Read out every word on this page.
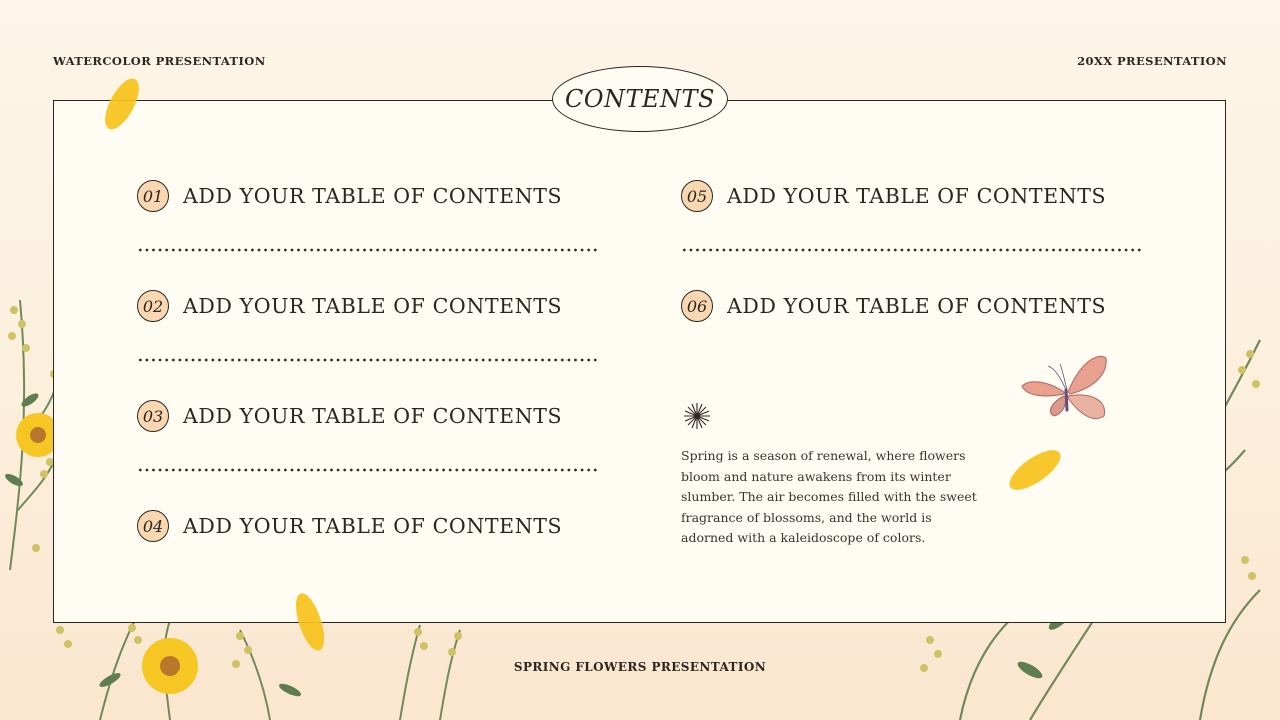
WATERCOLOR PRESENTATION	20XX PRESENTATION
CONTENTS
01 ADD YOUR TABLE OF CONTENTS
02 ADD YOUR TABLE OF CONTENTS
03 ADD YOUR TABLE OF CONTENTS
04 ADD YOUR TABLE OF CONTENTS
05 ADD YOUR TABLE OF CONTENTS
06 ADD YOUR TABLE OF CONTENTS
Spring is a season of renewal, where flowers bloom and nature awakens from its winter slumber. The air becomes filled with the sweet fragrance of blossoms, and the world is adorned with a kaleidoscope of colors.
SPRING FLOWERS PRESENTATION
